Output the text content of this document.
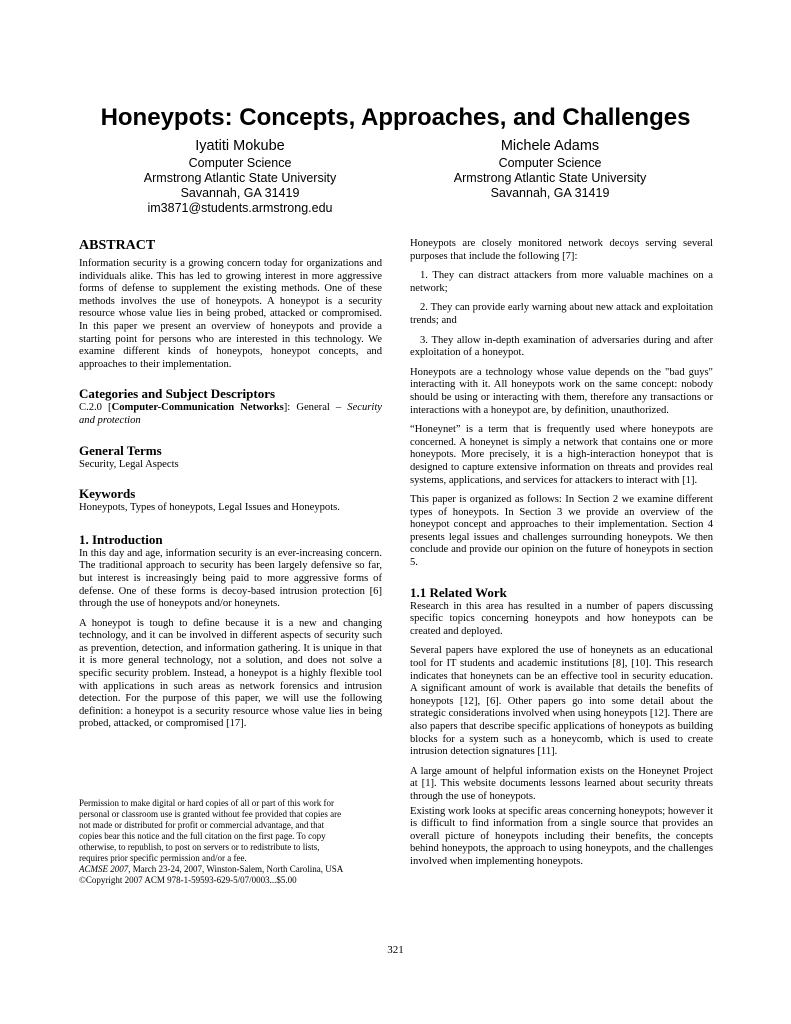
Honeypots: Concepts, Approaches, and Challenges
Iyatiti Mokube
Computer Science
Armstrong Atlantic State University
Savannah, GA 31419
im3871@students.armstrong.edu
Michele Adams
Computer Science
Armstrong Atlantic State University
Savannah, GA 31419
ABSTRACT

Information security is a growing concern today for organizations and individuals alike. This has led to growing interest in more aggressive forms of defense to supplement the existing methods. One of these methods involves the use of honeypots. A honeypot is a security resource whose value lies in being probed, attacked or compromised. In this paper we present an overview of honeypots and provide a starting point for persons who are interested in this technology. We examine different kinds of honeypots, honeypot concepts, and approaches to their implementation.

Categories and Subject Descriptors

C.2.0 [Computer-Communication Networks]: General – Security and protection

General Terms

Security, Legal Aspects

Keywords

Honeypots, Types of honeypots, Legal Issues and Honeypots.

1. Introduction

In this day and age, information security is an ever-increasing concern. The traditional approach to security has been largely defensive so far, but interest is increasingly being paid to more aggressive forms of defense. One of these forms is decoy-based intrusion protection [6] through the use of honeypots and/or honeynets.

A honeypot is tough to define because it is a new and changing technology, and it can be involved in different aspects of security such as prevention, detection, and information gathering. It is unique in that it is more general technology, not a solution, and does not solve a specific security problem. Instead, a honeypot is a highly flexible tool with applications in such areas as network forensics and intrusion detection. For the purpose of this paper, we will use the following definition: a honeypot is a security resource whose value lies in being probed, attacked, or compromised [17].

Permission to make digital or hard copies of all or part of this work for
personal or classroom use is granted without fee provided that copies are
not made or distributed for profit or commercial advantage, and that
copies bear this notice and the full citation on the first page. To copy
otherwise, to republish, to post on servers or to redistribute to lists,
requires prior specific permission and/or a fee.
ACMSE 2007, March 23-24, 2007, Winston-Salem, North Carolina, USA
©Copyright 2007 ACM 978-1-59593-629-5/07/0003...$5.00

Honeypots are closely monitored network decoys serving several purposes that include the following [7]:

1. They can distract attackers from more valuable machines on a network;

2. They can provide early warning about new attack and exploitation trends; and

3. They allow in-depth examination of adversaries during and after exploitation of a honeypot.

Honeypots are a technology whose value depends on the "bad guys" interacting with it. All honeypots work on the same concept: nobody should be using or interacting with them, therefore any transactions or interactions with a honeypot are, by definition, unauthorized.

“Honeynet” is a term that is frequently used where honeypots are concerned. A honeynet is simply a network that contains one or more honeypots. More precisely, it is a high-interaction honeypot that is designed to capture extensive information on threats and provides real systems, applications, and services for attackers to interact with [1].

This paper is organized as follows: In Section 2 we examine different types of honeypots. In Section 3 we provide an overview of the honeypot concept and approaches to their implementation. Section 4 presents legal issues and challenges surrounding honeypots. We then conclude and provide our opinion on the future of honeypots in section 5.

1.1 Related Work

Research in this area has resulted in a number of papers discussing specific topics concerning honeypots and how honeypots can be created and deployed.

Several papers have explored the use of honeynets as an educational tool for IT students and academic institutions [8], [10]. This research indicates that honeynets can be an effective tool in security education. A significant amount of work is available that details the benefits of honeypots [12], [6]. Other papers go into some detail about the strategic considerations involved when using honeypots [12]. There are also papers that describe specific applications of honeypots as building blocks for a system such as a honeycomb, which is used to create intrusion detection signatures [11].

A large amount of helpful information exists on the Honeynet Project at [1]. This website documents lessons learned about security threats through the use of honeypots.

Existing work looks at specific areas concerning honeypots; however it is difficult to find information from a single source that provides an overall picture of honeypots including their benefits, the concepts behind honeypots, the approach to using honeypots, and the challenges involved when implementing honeypots.

321
